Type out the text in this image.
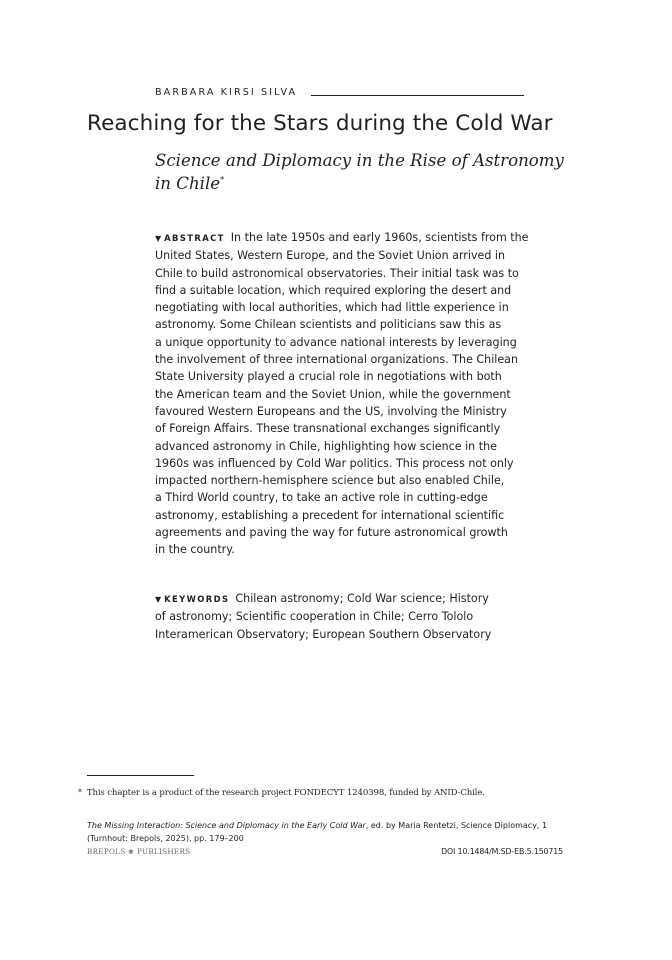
BARBARA KIRSI SILVA
Reaching for the Stars during the Cold War
Science and Diplomacy in the Rise of Astronomy
in Chile*
▼ ABSTRACT In the late 1950s and early 1960s, scientists from the
United States, Western Europe, and the Soviet Union arrived in
Chile to build astronomical observatories. Their initial task was to
find a suitable location, which required exploring the desert and
negotiating with local authorities, which had little experience in
astronomy. Some Chilean scientists and politicians saw this as
a unique opportunity to advance national interests by leveraging
the involvement of three international organizations. The Chilean
State University played a crucial role in negotiations with both
the American team and the Soviet Union, while the government
favoured Western Europeans and the US, involving the Ministry
of Foreign Affairs. These transnational exchanges significantly
advanced astronomy in Chile, highlighting how science in the
1960s was influenced by Cold War politics. This process not only
impacted northern-hemisphere science but also enabled Chile,
a Third World country, to take an active role in cutting-edge
astronomy, establishing a precedent for international scientific
agreements and paving the way for future astronomical growth
in the country.
▼ KEYWORDS Chilean astronomy; Cold War science; History
of astronomy; Scientific cooperation in Chile; Cerro Tololo
Interamerican Observatory; European Southern Observatory
* This chapter is a product of the research project FONDECYT 1240398, funded by ANID-Chile.
The Missing Interaction: Science and Diplomacy in the Early Cold War, ed. by Maria Rentetzi, Science Diplomacy, 1
(Turnhout: Brepols, 2025), pp. 179–200
BREPOLS ❀ PUBLISHERS	DOI 10.1484/M.SD-EB.5.150715
